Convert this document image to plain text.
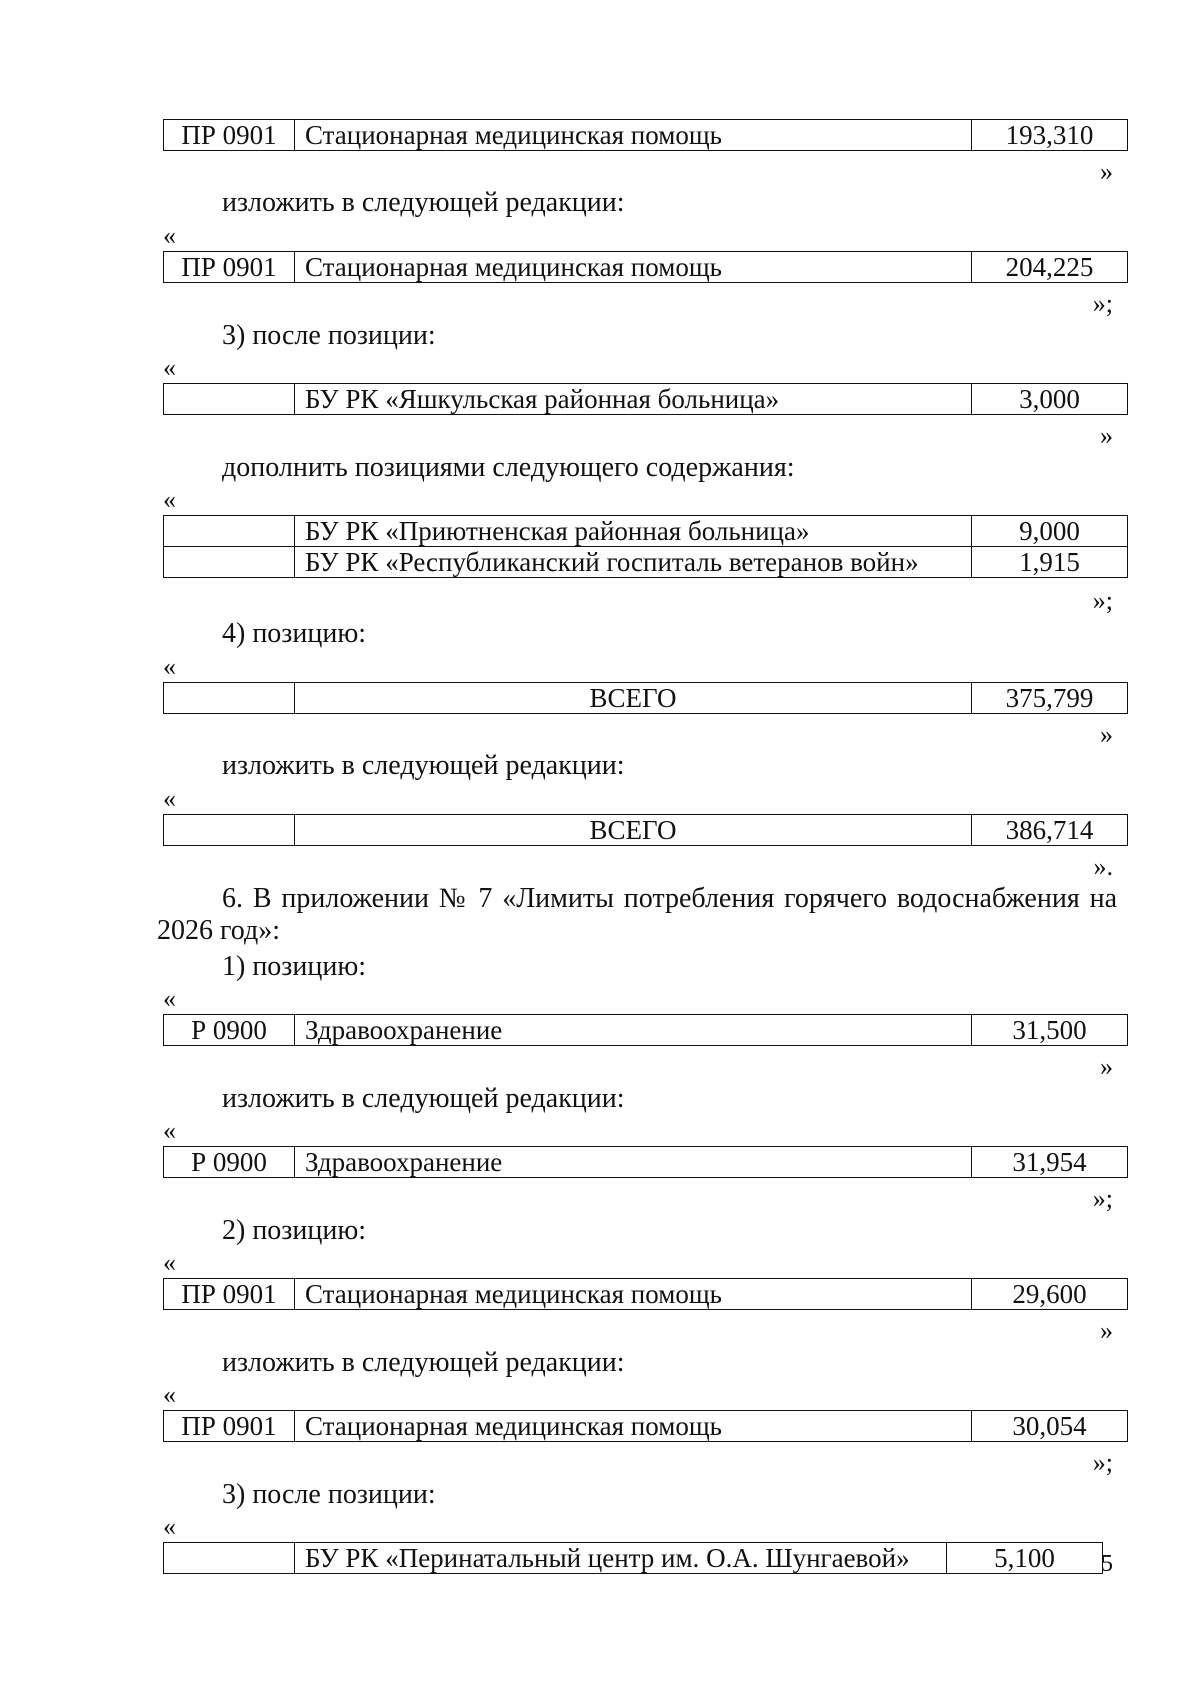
ПР 0901	Стационарная медицинская помощь	193,310
»
изложить в следующей редакции:
«
ПР 0901	Стационарная медицинская помощь	204,225
»;
3) после позиции:
«
	БУ РК «Яшкульская районная больница»	3,000
»
дополнить позициями следующего содержания:
«
	БУ РК «Приютненская районная больница»	9,000
	БУ РК «Республиканский госпиталь ветеранов войн»	1,915
»;
4) позицию:
«
	ВСЕГО	375,799
»
изложить в следующей редакции:
«
	ВСЕГО	386,714
».
6. В приложении № 7 «Лимиты потребления горячего водоснабжения на 2026 год»:
1) позицию:
«
Р 0900	Здравоохранение	31,500
»
изложить в следующей редакции:
«
Р 0900	Здравоохранение	31,954
»;
2) позицию:
«
ПР 0901	Стационарная медицинская помощь	29,600
»
изложить в следующей редакции:
«
ПР 0901	Стационарная медицинская помощь	30,054
»;
3) после позиции:
«
	БУ РК «Перинатальный центр им. О.А. Шунгаевой»	5,100 5
